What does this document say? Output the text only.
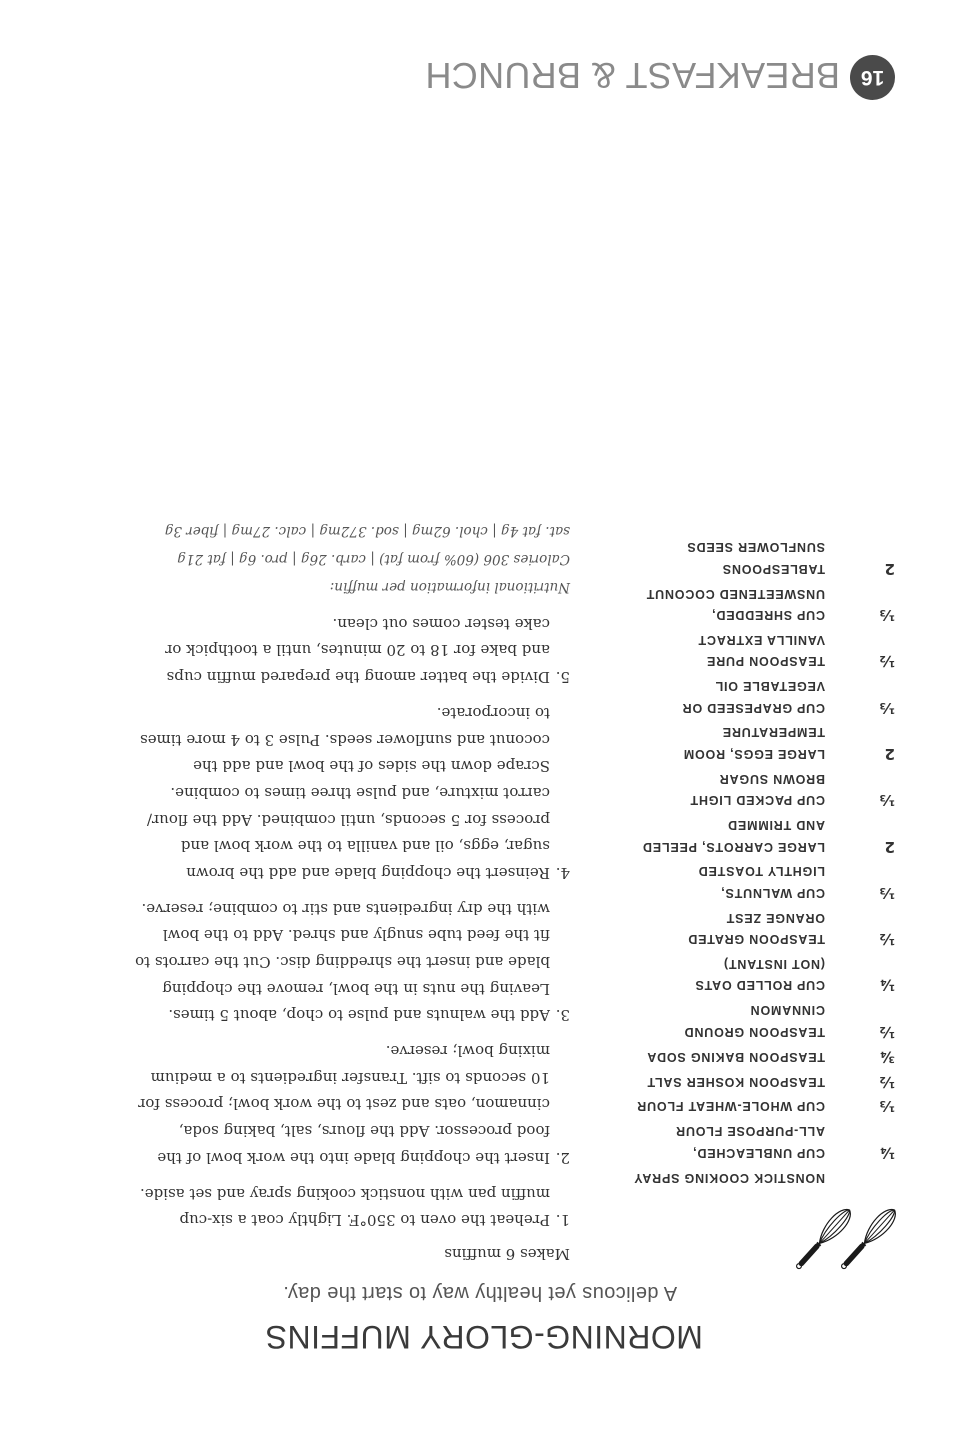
16
BREAKFAST & BRUNCH
MORNING-GLORY MUFFINS

A delicous yet healthy way to start the day.

NONSTICK COOKING SPRAY
¼
CUP UNBLEACHED,
ALL-PURPOSE FLOUR
⅓
CUP WHOLE-WHEAT FLOUR
½
TEASPOON KOSHER SALT
¾
TEASPOON BAKING SODA
½
TEASPOON GROUND
CINNAMON
¼
CUP ROLLED OATS
(NOT INSTANT)
½
TEASPOON GRATED
ORANGE ZEST
⅓
CUP WALNUTS,
LIGHTLY TOASTED
2
LARGE CARROTS, PEELED
AND TRIMMED
⅓
CUP PACKED LIGHT
BROWN SUGAR
2
LARGE EGGS, ROOM
TEMPERATURE
⅓
CUP GRAPESEED OR
VEGETABLE OIL
½
TEASPOON PURE
VANILLA EXTRACT
⅓
CUP SHREDDED,
UNSWEETENED COCONUT
2
TABLESPOONS
SUNFLOWER SEEDS

Makes 6 muffins

1.
Preheat the oven to 350°F. Lightly coat a six-cup
muffin pan with nonstick cooking spray and set aside.
2.
Insert the chopping blade into the work bowl of the
food processor. Add the flours, salt, baking soda,
cinnamon, oats and zest to the work bowl; process for
10 seconds to sift. Transfer ingredients to a medium
mixing bowl; reserve.
3.
Add the walnuts and pulse to chop, about 5 times.
Leaving the nuts in the bowl, remove the chopping
blade and insert the shredding disc. Cut the carrots to
fit the feed tube snugly and shred. Add to the bowl
with the dry ingredients and stir to combine; reserve.
4.
Reinsert the chopping blade and add the brown
sugar, eggs, oil and vanilla to the work bowl and
process for 5 seconds, until combined. Add the flour/
carrot mixture, and pulse three times to combine.
Scrape down the sides of the bowl and add the
coconut and sunflower seeds. Pulse 3 to 4 more times
to incorporate.
5.
Divide the batter among the prepared muffin cups
and bake for 18 to 20 minutes, until a toothpick or
cake tester comes out clean.
Nutritional information per muffin:
Calories 306 (60% from fat) | carb. 26g | pro. 6g | fat 21g
sat. fat 4g | chol. 62mg | sod. 372mg | calc. 27mg | fiber 3g
